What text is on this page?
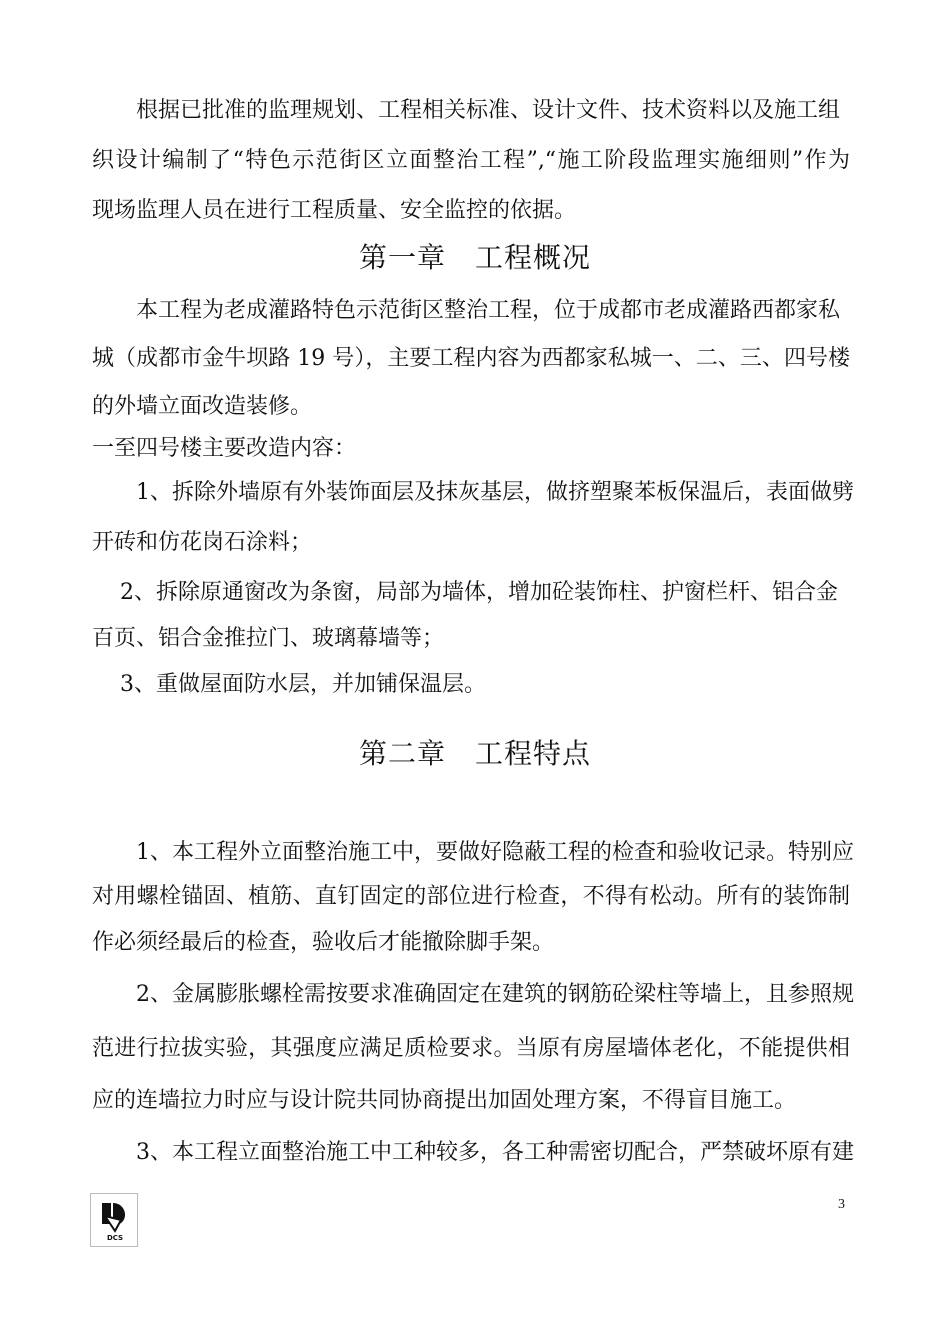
根据已批准的监理规划、工程相关标准、设计文件、技术资料以及施工组
织设计编制了“特色示范街区立面整治工程”,“施工阶段监理实施细则”作为
现场监理人员在进行工程质量、安全监控的依据。
第一章　工程概况
本工程为老成灌路特色示范街区整治工程，位于成都市老成灌路西都家私
城（成都市金牛坝路 19 号），主要工程内容为西都家私城一、二、三、四号楼
的外墙立面改造装修。
一至四号楼主要改造内容：
1、拆除外墙原有外装饰面层及抹灰基层，做挤塑聚苯板保温后，表面做劈
开砖和仿花岗石涂料；
2、拆除原通窗改为条窗，局部为墙体，增加砼装饰柱、护窗栏杆、铝合金
百页、铝合金推拉门、玻璃幕墙等；
3、重做屋面防水层，并加铺保温层。
第二章　工程特点
1、本工程外立面整治施工中，要做好隐蔽工程的检查和验收记录。特别应
对用螺栓锚固、植筋、直钉固定的部位进行检查，不得有松动。所有的装饰制
作必须经最后的检查，验收后才能撤除脚手架。
2、金属膨胀螺栓需按要求准确固定在建筑的钢筋砼梁柱等墙上，且参照规
范进行拉拔实验，其强度应满足质检要求。当原有房屋墙体老化，不能提供相
应的连墙拉力时应与设计院共同协商提出加固处理方案，不得盲目施工。
3、本工程立面整治施工中工种较多，各工种需密切配合，严禁破坏原有建
DCS
3
